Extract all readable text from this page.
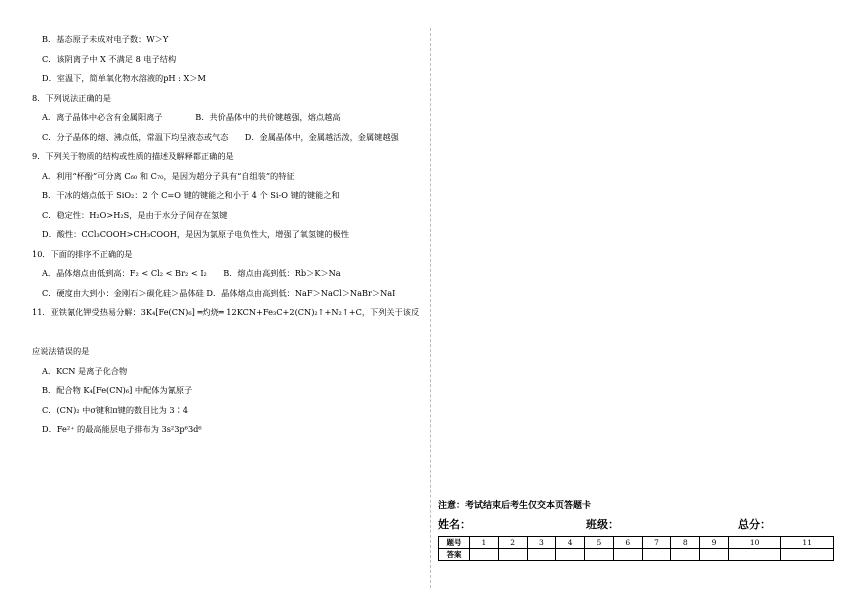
B．基态原子未成对电子数：W＞Y
C．该阴离子中 X 不满足 8 电子结构
D．室温下，简单氧化物水溶液的pH : X＞M
8．下列说法正确的是
A．离子晶体中必含有金属阳离子　　　　B．共价晶体中的共价键越强，熔点越高
C．分子晶体的熔、沸点低，常温下均呈液态或气态　　D．金属晶体中，金属越活泼，金属键越强
9．下列关于物质的结构或性质的描述及解释都正确的是
A．利用“杯酚”可分离 C₆₀ 和 C₇₀，是因为超分子具有“自组装”的特征
B．干冰的熔点低于 SiO₂：2 个 C=O 键的键能之和小于 4 个 Si-O 键的键能之和
C．稳定性：H₂O>H₂S，是由于水分子间存在氢键
D．酸性：CCl₃COOH>CH₃COOH，是因为氯原子电负性大，增强了氧氢键的极性
10．下面的排序不正确的是
A．晶体熔点由低到高：F₂ < Cl₂ < Br₂ < I₂　　B．熔点由高到低：Rb＞K＞Na
C．硬度由大到小：金刚石＞碳化硅＞晶体硅 D．晶体熔点由高到低：NaF＞NaCl＞NaBr＞NaI
11．亚铁氰化钾受热易分解：3K₄[Fe(CN)₆] ═灼烧═ 12KCN+Fe₃C+2(CN)₂↑+N₂↑+C，下列关于该反
应说法错误的是
A．KCN 是离子化合物
B．配合物 K₄[Fe(CN)₆] 中配体为氰原子
C．(CN)₂ 中σ键和π键的数目比为 3∶4
D．Fe²⁺ 的最高能层电子排布为 3s²3p⁶3d⁶
注意：考试结束后考生仅交本页答题卡
姓名：	班级：	总分：
题号	1	2	3	4	5	6	7	8	9	10	11
答案											
